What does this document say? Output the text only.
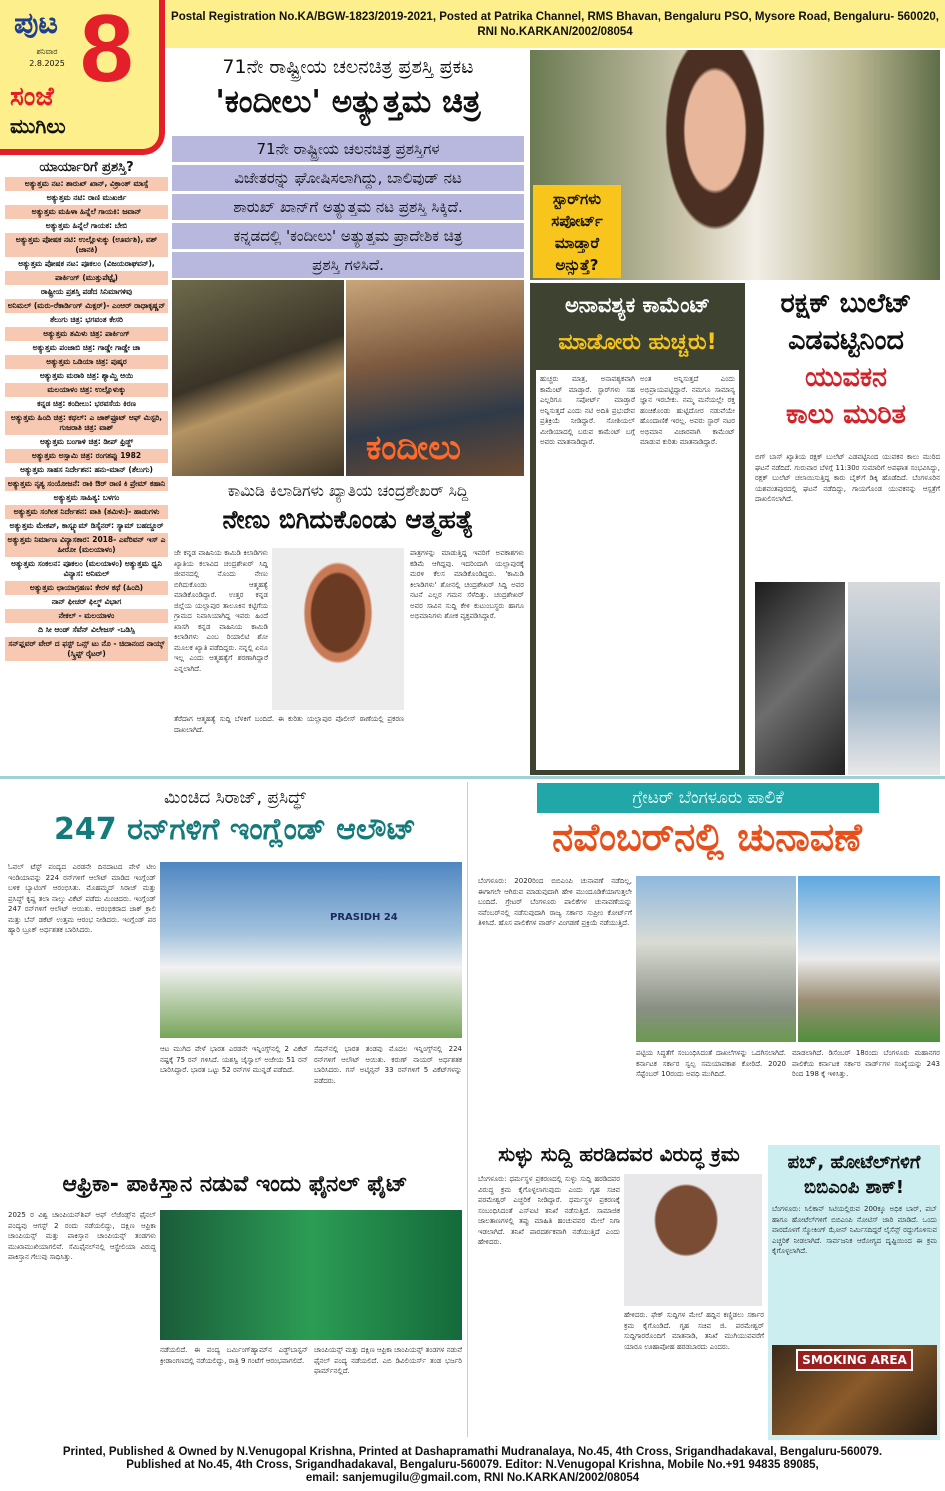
ಪುಟ 8
ಶನಿವಾರ
2.8.2025
ಸಂಜೆ
ಮುಗಿಲು
Postal Registration No.KA/BGW-1823/2019-2021, Posted at Patrika Channel, RMS Bhavan, Bengaluru PSO, Mysore Road, Bengaluru- 560020, RNI No.KARKAN/2002/08054
71ನೇ ರಾಷ್ಟ್ರೀಯ ಚಲನಚಿತ್ರ ಪ್ರಶಸ್ತಿ ಪ್ರಕಟ
'ಕಂದೀಲು' ಅತ್ಯುತ್ತಮ ಚಿತ್ರ
71ನೇ ರಾಷ್ಟ್ರೀಯ ಚಲನಚಿತ್ರ ಪ್ರಶಸ್ತಿಗಳ
ವಿಜೇತರನ್ನು ಘೋಷಿಸಲಾಗಿದ್ದು, ಬಾಲಿವುಡ್ ನಟ
ಶಾರುಖ್ ಖಾನ್‌ಗೆ ಅತ್ಯುತ್ತಮ ನಟ ಪ್ರಶಸ್ತಿ ಸಿಕ್ಕಿದೆ.
ಕನ್ನಡದಲ್ಲಿ 'ಕಂದೀಲು' ಅತ್ಯುತ್ತಮ ಪ್ರಾದೇಶಿಕ ಚಿತ್ರ
ಪ್ರಶಸ್ತಿ ಗಳಿಸಿದೆ.
ಸ್ಟಾರ್‌ಗಳು ಸಪೋರ್ಟ್ ಮಾಡ್ತಾರೆ ಅನ್ಸುತ್ತೆ?
ಯಾರ್ಯಾರಿಗೆ ಪ್ರಶಸ್ತಿ?
ಅತ್ಯುತ್ತಮ ನಟ: ಶಾರುಖ್ ಖಾನ್, ವಿಕ್ರಾಂತ್ ಮಾಸ್ಸೆ
ಅತ್ಯುತ್ತಮ ನಟಿ: ರಾಣಿ ಮುಖರ್ಜಿ
ಅತ್ಯುತ್ತಮ ಮಹಿಳಾ ಹಿನ್ನೆಲೆ ಗಾಯಕಿ: ಜವಾನ್
ಅತ್ಯುತ್ತಮ ಹಿನ್ನೆಲೆ ಗಾಯಕ: ಬೇಬಿ
ಅತ್ಯುತ್ತಮ ಪೋಷಕ ನಟಿ: ಉಲ್ಲೊಳುಕ್ಕು (ಊರ್ವಶಿ), ವಶ್ (ಜಾನಕಿ)
ಅತ್ಯುತ್ತಮ ಪೋಷಕ ನಟ: ಪೂಕಲಂ (ವಿಜಯರಾಘವನ್),
ಪಾರ್ಕಿಂಗ್ (ಮುತ್ತುಪೆಟ್ಟೈ)
ರಾಷ್ಟ್ರೀಯ ಪ್ರಶಸ್ತಿ ಪಡೆದ ಸಿನಿಮಾಗಳಿವು
ಅನಿಮಲ್ (ಮರು-ರೆಕಾರ್ಡಿಂಗ್ ಮಿಕ್ಸರ್)- ಎಂಆರ್ ರಾಧಾಕೃಷ್ಣನ್
ತೆಲುಗು ಚಿತ್ರ: ಭಗವಂತ ಕೇಸರಿ
ಅತ್ಯುತ್ತಮ ತಮಿಳು ಚಿತ್ರ: ಪಾರ್ಕಿಂಗ್
ಅತ್ಯುತ್ತಮ ಪಂಜಾಬಿ ಚಿತ್ರ: ಗಾಡ್ಡೇ ಗಾಡ್ಡೇ ಚಾ
ಅತ್ಯುತ್ತಮ ಒಡಿಯಾ ಚಿತ್ರ: ಪುಷ್ಕರ
ಅತ್ಯುತ್ತಮ ಮರಾಠಿ ಚಿತ್ರ: ಶ್ಯಾಮ್ಚಿ ಆಯಿ
ಮಲಯಾಳಂ ಚಿತ್ರ: ಉಲ್ಲೊಳುಕ್ಕು
ಕನ್ನಡ ಚಿತ್ರ: ಕಂದೀಲು: ಭರವಸೆಯ ಕಿರಣ
ಅತ್ಯುತ್ತಮ ಹಿಂದಿ ಚಿತ್ರ: ಕಥಲ್: ಎ ಜಾಕ್‌ಫ್ರೂಟ್ ಆಫ್ ಮಿಸ್ಟರಿ, ಗುಜರಾತಿ ಚಿತ್ರ: ವಾಶ್
ಅತ್ಯುತ್ತಮ ಬಂಗಾಳಿ ಚಿತ್ರ: ಡೀಪ್ ಫ್ರಿಡ್ಜ್
ಅತ್ಯುತ್ತಮ ಅಸ್ಸಾಮಿ ಚಿತ್ರ: ರಂಗತಪ್ಪು 1982
ಅತ್ಯುತ್ತಮ ಸಾಹಸ ನಿರ್ದೇಶನ: ಹನು-ಮಾನ್ (ತೆಲುಗು)
ಅತ್ಯುತ್ತಮ ನೃತ್ಯ ಸಂಯೋಜನೆ: ರಾಕಿ ಔರ್ ರಾಣಿ ಕಿ ಪ್ರೇಮ್ ಕಹಾನಿ
ಅತ್ಯುತ್ತಮ ಸಾಹಿತ್ಯ: ಬಳಗಂ
ಅತ್ಯುತ್ತಮ ಸಂಗೀತ ನಿರ್ದೇಶನ: ವಾತಿ (ತಮಿಳು)- ಹಾಡುಗಳು
ಅತ್ಯುತ್ತಮ ಮೇಕಪ್, ಕಾಸ್ಟ್ಯೂಮ್ ಡಿಸೈನರ್: ಸ್ಯಾಮ್ ಬಹದ್ದೂರ್
ಅತ್ಯುತ್ತಮ ನಿರ್ಮಾಣ ವಿನ್ಯಾಸಕಾರ: 2018- ಎವೆರಿವನ್ ಇಸ್ ಎ ಹೀರೋ (ಮಲಯಾಳಂ)
ಅತ್ಯುತ್ತಮ ಸಂಕಲನ: ಪೂಕಲಂ (ಮಲಯಾಳಂ) ಅತ್ಯುತ್ತಮ ಧ್ವನಿ ವಿನ್ಯಾಸ: ಅನಿಮಲ್
ಅತ್ಯುತ್ತಮ ಛಾಯಾಗ್ರಹಣ: ಕೇರಳ ಕಥೆ (ಹಿಂದಿ)
ನಾನ್ ಫೀಚರ್ ಫಿಲ್ಮ್ ವಿಭಾಗ
ನೇಕಲ್ - ಮಲಯಾಳಂ
ದಿ ಸೀ ಆಂಡ್ ಸೆವೆನ್ ವಿಲೇಜಸ್ -ಒಡಿಸ್ಸಿ
ಸನ್‌ಫ್ಲವರ್ ವೇರ್ ದ ಫಸ್ಟ್ ಒನ್ಸ್ ಟು ನೊ - ಚಿದಾನಂದ ನಾಯ್ಕ್ (ಸ್ಕ್ರಿಪ್ಟ್ ರೈಟರ್)
ಕಂದೀಲು
ಕಾಮಿಡಿ ಕಿಲಾಡಿಗಳು ಖ್ಯಾತಿಯ ಚಂದ್ರಶೇಖರ್ ಸಿದ್ದಿ
ನೇಣು ಬಿಗಿದುಕೊಂಡು ಆತ್ಮಹತ್ಯೆ
ಜೇ ಕನ್ನಡ ವಾಹಿನಿಯ ಕಾಮಿಡಿ ಕಿಲಾಡಿಗಳು ಖ್ಯಾತಿಯ ಕಲಾವಿದ ಚಂದ್ರಶೇಖರ್ ಸಿದ್ದಿ ಜೀವನದಲ್ಲಿ ನೊಂದು ನೇಣು ಬಿಗಿದುಕೊಂಡು ಆತ್ಮಹತ್ಯೆ ಮಾಡಿಕೊಂಡಿದ್ದಾರೆ. ಉತ್ತರ ಕನ್ನಡ ಜಿಲ್ಲೆಯ ಯಲ್ಲಾಪುರ ತಾಲೂಕಿನ ಕಟ್ಟಿಗೆಯ ಗ್ರಾಮದ ನಿವಾಸಿಯಾಗಿದ್ದ ಇವರು ಹಿಂದೆ ಖಾಸಗಿ ಕನ್ನಡ ವಾಹಿನಿಯ ಕಾಮಿಡಿ ಕಿಲಾಡಿಗಳು ಎಂಬ ರಿಯಾಲಿಟಿ ಶೋ ಮೂಲಕ ಖ್ಯಾತಿ ಪಡೆದಿದ್ದರು. ನನ್ನಲ್ಲಿ ಏನೂ ಇಲ್ಲ ಎಂದು ಆತ್ಮಹತ್ಯೆಗೆ ಶರಣಾಗಿದ್ದಾರೆ ಎನ್ನಲಾಗಿದೆ.
ಪಾತ್ರಗಳನ್ನು ಮಾಡುತ್ತಿದ್ದ ಇವರಿಗೆ ಅವಕಾಶಗಳು ಕಡಿಮೆ ಆಗಿದ್ದವು. ಇದರಿಂದಾಗಿ ಯಲ್ಲಾಪುರಕ್ಕೆ ಮರಳಿ ಕೆಲಸ ಮಾಡಿಕೊಂಡಿದ್ದರು. 'ಕಾಮಿಡಿ ಕಿಲಾಡಿಗಳು' ಶೋನಲ್ಲಿ ಚಂದ್ರಶೇಖರ್ ಸಿದ್ದಿ ಅವರ ನಟನೆ ಎಲ್ಲರ ಗಮನ ಸೆಳೆದಿತ್ತು. ಚಂದ್ರಶೇಖರ್ ಅವರ ಸಾವಿನ ಸುದ್ದಿ ಕೇಳಿ ಕುಟುಂಬಸ್ಥರು ಹಾಗೂ ಅಭಿಮಾನಿಗಳು ಶೋಕ ವ್ಯಕ್ತಪಡಿಸಿದ್ದಾರೆ.
ತೆರೆದಾಗ ಆತ್ಮಹತ್ಯೆ ಸುದ್ದಿ ಬೆಳಕಿಗೆ ಬಂದಿದೆ. ಈ ಕುರಿತು ಯಲ್ಲಾಪುರ ಪೊಲೀಸ್ ಠಾಣೆಯಲ್ಲಿ ಪ್ರಕರಣ ದಾಖಲಾಗಿದೆ.
ಅನಾವಶ್ಯಕ ಕಾಮೆಂಟ್
ಮಾಡೋರು ಹುಚ್ಚರು!
ಹುಚ್ಚರು ಮಾತ್ರ, ಅನಾವಶ್ಯಕವಾಗಿ ಕಾಮೆಂಟ್ ಮಾಡ್ತಾರೆ. ಸ್ಟಾರ್‌ಗಳು ಸಹ ಎಲ್ಲರಿಗೂ ಸಪೋರ್ಟ್ ಮಾಡ್ತಾರೆ ಅನ್ನಿಸುತ್ತದೆ ಎಂದು ನಟಿ ಅದಿತಿ ಪ್ರಭುದೇವ ಪ್ರತಿಕ್ರಿಯೆ ನೀಡಿದ್ದಾರೆ. ಸೋಶಿಯಲ್ ಮೀಡಿಯಾದಲ್ಲಿ ಬರುವ ಕಾಮೆಂಟ್ ಬಗ್ಗೆ ಅವರು ಮಾತನಾಡಿದ್ದಾರೆ.
ಅಂತ ಅನ್ನಿಸುತ್ತದೆ ಎಂದು ಅಭಿಪ್ರಾಯಪಟ್ಟಿದ್ದಾರೆ. ನಮಗೂ ಸಾಮಾನ್ಯ ಜ್ಞಾನ ಇರಬೇಕು. ನಮ್ಮ ಮನೆಯಲ್ಲೇ ರಕ್ತ ಹಂಚಿಕೊಂಡು ಹುಟ್ಟಿದೋರ ನಡುವೆಯೇ ಹೊಂದಾಣಿಕೆ ಇರಲ್ಲ. ಅವರು ಸ್ಟಾರ್ ನಟರ ಅಭಿಮಾನ ವಿಚಾರವಾಗಿ ಕಾಮೆಂಟ್ ಮಾಡುವ ಕುರಿತು ಮಾತನಾಡಿದ್ದಾರೆ.
ರಕ್ಷಕ್ ಬುಲೆಟ್
ಎಡವಟ್ಟಿನಿಂದ
ಯುವಕನ
ಕಾಲು ಮುರಿತ
ಬಿಗ್ ಬಾಸ್ ಖ್ಯಾತಿಯ ರಕ್ಷಕ್ ಬುಲೆಟ್ ಎಡವಟ್ಟಿನಿಂದ ಯುವಕನ ಕಾಲು ಮುರಿದ ಘಟನೆ ನಡೆದಿದೆ. ಗುರುವಾರ ಬೆಳಗ್ಗೆ 11:30ರ ಸುಮಾರಿಗೆ ಅಪಘಾತ ಸಂಭವಿಸಿದ್ದು, ರಕ್ಷಕ್ ಬುಲೆಟ್ ಚಲಾಯಿಸುತ್ತಿದ್ದ ಕಾರು ಬೈಕ್‌ಗೆ ಡಿಕ್ಕಿ ಹೊಡೆದಿದೆ. ಬೆಂಗಳೂರಿನ ಯಶವಂತಪುರದಲ್ಲಿ ಘಟನೆ ನಡೆದಿದ್ದು, ಗಾಯಗೊಂಡ ಯುವಕನನ್ನು ಆಸ್ಪತ್ರೆಗೆ ದಾಖಲಿಸಲಾಗಿದೆ.
ಮಿಂಚಿದ ಸಿರಾಜ್, ಪ್ರಸಿದ್ಧ್
247 ರನ್‌ಗಳಿಗೆ ಇಂಗ್ಲೆಂಡ್ ಆಲೌಟ್
ಓವಲ್ ಟೆಸ್ಟ್ ಪಂದ್ಯದ ಎರಡನೇ ದಿನದಾಟದ ವೇಳೆ ಟೀಂ ಇಂಡಿಯಾವನ್ನು 224 ರನ್‌ಗಳಿಗೆ ಆಲೌಟ್ ಮಾಡಿದ ಇಂಗ್ಲೆಂಡ್ ಬಳಿಕ ಬ್ಯಾಟಿಂಗ್ ಆರಂಭಿಸಿತು. ಮೊಹಮ್ಮದ್ ಸಿರಾಜ್ ಮತ್ತು ಪ್ರಸಿದ್ಧ್ ಕೃಷ್ಣ ತಲಾ ನಾಲ್ಕು ವಿಕೆಟ್ ಪಡೆದು ಮಿಂಚಿದರು. ಇಂಗ್ಲೆಂಡ್ 247 ರನ್‌ಗಳಿಗೆ ಆಲೌಟ್ ಆಯಿತು. ಆರಂಭಿಕರಾದ ಜಾಕ್ ಕ್ರಾಲಿ ಮತ್ತು ಬೆನ್ ಡಕೆಟ್ ಉತ್ತಮ ಆರಂಭ ನೀಡಿದರು. ಇಂಗ್ಲೆಂಡ್ ಪರ ಹ್ಯಾರಿ ಬ್ರೂಕ್ ಅರ್ಧಶತಕ ಬಾರಿಸಿದರು.
PRASIDH 24
ಆಟ ಮುಗಿದ ವೇಳೆ ಭಾರತ ಎರಡನೇ ಇನ್ನಿಂಗ್ಸ್‌ನಲ್ಲಿ 2 ವಿಕೆಟ್ ನಷ್ಟಕ್ಕೆ 75 ರನ್ ಗಳಿಸಿದೆ. ಯಶಸ್ವಿ ಜೈಸ್ವಾಲ್ ಅಜೇಯ 51 ರನ್ ಬಾರಿಸಿದ್ದಾರೆ. ಭಾರತ ಒಟ್ಟು 52 ರನ್‌ಗಳ ಮುನ್ನಡೆ ಪಡೆದಿದೆ.
ಸೆಷನ್‌ನಲ್ಲಿ ಭಾರತ ತಂಡವು ಮೊದಲ ಇನ್ನಿಂಗ್ಸ್‌ನಲ್ಲಿ 224 ರನ್‌ಗಳಿಗೆ ಆಲೌಟ್ ಆಯಿತು. ಕರುಣ್ ನಾಯರ್ ಅರ್ಧಶತಕ ಬಾರಿಸಿದರು. ಗಸ್ ಅಟ್ಕಿನ್ಸನ್ 33 ರನ್‌ಗಳಿಗೆ 5 ವಿಕೆಟ್‌ಗಳನ್ನು ಪಡೆದರು.
ಆಫ್ರಿಕಾ- ಪಾಕಿಸ್ತಾನ ನಡುವೆ ಇಂದು ಫೈನಲ್ ಫೈಟ್
2025 ರ ವಿಶ್ವ ಚಾಂಪಿಯನ್‌ಶಿಪ್ ಆಫ್ ಲೆಜೆಂಡ್ಸ್‌ನ ಫೈನಲ್ ಪಂದ್ಯವು ಆಗಸ್ಟ್ 2 ರಂದು ನಡೆಯಲಿದ್ದು, ದಕ್ಷಿಣ ಆಫ್ರಿಕಾ ಚಾಂಪಿಯನ್ಸ್ ಮತ್ತು ಪಾಕಿಸ್ತಾನ ಚಾಂಪಿಯನ್ಸ್ ತಂಡಗಳು ಮುಖಾಮುಖಿಯಾಗಲಿವೆ. ಸೆಮಿಫೈನಲ್‌ನಲ್ಲಿ ಆಸ್ಟ್ರೇಲಿಯಾ ವಿರುದ್ಧ ಪಾಕಿಸ್ತಾನ ಗೆಲುವು ಸಾಧಿಸಿತ್ತು.
ನಡೆಯಲಿದೆ. ಈ ಪಂದ್ಯ ಬರ್ಮಿಂಗ್‌ಹ್ಯಾಮ್‌ನ ಎಡ್ಜ್‌ಬಾಸ್ಟನ್ ಕ್ರೀಡಾಂಗಣದಲ್ಲಿ ನಡೆಯಲಿದ್ದು, ರಾತ್ರಿ 9 ಗಂಟೆಗೆ ಆರಂಭವಾಗಲಿದೆ.
ಚಾಂಪಿಯನ್ಸ್ ಮತ್ತು ದಕ್ಷಿಣ ಆಫ್ರಿಕಾ ಚಾಂಪಿಯನ್ಸ್ ತಂಡಗಳ ನಡುವೆ ಫೈನಲ್ ಪಂದ್ಯ ನಡೆಯಲಿದೆ. ಎಬಿ ಡಿವಿಲಿಯರ್ಸ್ ತಂಡ ಭರ್ಜರಿ ಫಾರ್ಮ್‌ನಲ್ಲಿದೆ.
ಗ್ರೇಟರ್ ಬೆಂಗಳೂರು ಪಾಲಿಕೆ
ನವೆಂಬರ್‌ನಲ್ಲಿ ಚುನಾವಣೆ
ಬೆಂಗಳೂರು: 2020ರಿಂದ ಬಿಬಿಎಂಪಿ ಚುನಾವಣೆ ನಡೆದಿಲ್ಲ, ಈಗಾಗಲೇ ಆಗಿರುವ ಮಾಡುವುದಾಗಿ ಹೇಳಿ ಮುಂದೂಡಿಕೆಯಾಗುತ್ತಲೇ ಬಂದಿದೆ. ಗ್ರೇಟರ್ ಬೆಂಗಳೂರು ಪಾಲಿಕೆಗಳ ಚುನಾವಣೆಯನ್ನು ನವೆಂಬರ್‌ನಲ್ಲಿ ನಡೆಸುವುದಾಗಿ ರಾಜ್ಯ ಸರ್ಕಾರ ಸುಪ್ರೀಂ ಕೋರ್ಟ್‌ಗೆ ತಿಳಿಸಿದೆ. ಹೊಸ ಪಾಲಿಕೆಗಳ ವಾರ್ಡ್ ವಿಂಗಡಣೆ ಪ್ರಕ್ರಿಯೆ ನಡೆಯುತ್ತಿದೆ.
ಪಟ್ಟಿಯ ಸಿದ್ಧತೆಗೆ ಸಂಬಂಧಿಸಿದಂತೆ ದಾಖಲೆಗಳನ್ನು ಒದಗಿಸಲಾಗಿದೆ. ಕರ್ನಾಟಕ ಸರ್ಕಾರ ಸ್ವಲ್ಪ ಸಮಯಾವಕಾಶ ಕೋರಿದೆ. 2020 ಸೆಪ್ಟೆಂಬರ್ 10ರಂದು ಅವಧಿ ಮುಗಿದಿದೆ.
ಮಾಡಲಾಗಿದೆ. ಡಿಸೆಂಬರ್ 18ರಂದು ಬೆಂಗಳೂರು ಮಹಾನಗರ ಪಾಲಿಕೆಯ ಕರ್ನಾಟಕ ಸರ್ಕಾರ ವಾರ್ಡ್‌ಗಳ ಸಂಖ್ಯೆಯನ್ನು 243 ರಿಂದ 198 ಕ್ಕೆ ಇಳಿಸಿತ್ತು.
ಸುಳ್ಳು ಸುದ್ದಿ ಹರಡಿದವರ ವಿರುದ್ಧ ಕ್ರಮ
ಬೆಂಗಳೂರು: ಧರ್ಮಸ್ಥಳ ಪ್ರಕರಣದಲ್ಲಿ ಸುಳ್ಳು ಸುದ್ದಿ ಹರಡಿದವರ ವಿರುದ್ಧ ಕ್ರಮ ಕೈಗೊಳ್ಳಲಾಗುವುದು ಎಂದು ಗೃಹ ಸಚಿವ ಪರಮೇಶ್ವರ್ ಎಚ್ಚರಿಕೆ ನೀಡಿದ್ದಾರೆ. ಧರ್ಮಸ್ಥಳ ಪ್ರಕರಣಕ್ಕೆ ಸಂಬಂಧಿಸಿದಂತೆ ಎಸ್‌ಐಟಿ ತನಿಖೆ ನಡೆಸುತ್ತಿದೆ. ಸಾಮಾಜಿಕ ಜಾಲತಾಣಗಳಲ್ಲಿ ತಪ್ಪು ಮಾಹಿತಿ ಹಂಚುವವರ ಮೇಲೆ ನಿಗಾ ಇಡಲಾಗಿದೆ. ತನಿಖೆ ಪಾರದರ್ಶಕವಾಗಿ ನಡೆಯುತ್ತಿದೆ ಎಂದು ಹೇಳಿದರು.
ಹೇಳಿದರು. ಫೇಕ್ ಸುದ್ದಿಗಳ ಮೇಲೆ ಹದ್ದಿನ ಕಣ್ಣಿಡಲು ಸರ್ಕಾರ ಕ್ರಮ ಕೈಗೊಂಡಿದೆ. ಗೃಹ ಸಚಿವ ಜಿ. ಪರಮೇಶ್ವರ್ ಸುದ್ದಿಗಾರರೊಂದಿಗೆ ಮಾತನಾಡಿ, ತನಿಖೆ ಮುಗಿಯುವವರೆಗೆ ಯಾರೂ ಊಹಾಪೋಹ ಹರಡಬಾರದು ಎಂದರು.
ಪಬ್, ಹೋಟೆಲ್‌ಗಳಿಗೆ ಬಿಬಿಎಂಪಿ ಶಾಕ್!
ಬೆಂಗಳೂರು: ಸಿಲಿಕಾನ್ ಸಿಟಿಯಲ್ಲಿರುವ 200ಕ್ಕೂ ಅಧಿಕ ಬಾರ್, ಪಬ್ ಹಾಗೂ ಹೋಟೆಲ್‌ಗಳಿಗೆ ಬಿಬಿಎಂಪಿ ನೋಟಿಸ್ ಜಾರಿ ಮಾಡಿದೆ. ಒಂದು ವಾರದೊಳಗೆ ಸ್ಮೋಕಿಂಗ್ ಝೋನ್ ನಿರ್ಮಿಸದಿದ್ದರೆ ಲೈಸೆನ್ಸ್ ರದ್ದುಗೊಳಿಸುವ ಎಚ್ಚರಿಕೆ ನೀಡಲಾಗಿದೆ. ಸಾರ್ವಜನಿಕ ಆರೋಗ್ಯದ ದೃಷ್ಟಿಯಿಂದ ಈ ಕ್ರಮ ಕೈಗೊಳ್ಳಲಾಗಿದೆ.
SMOKING AREA
Printed, Published & Owned by N.Venugopal Krishna, Printed at Dashapramathi Mudranalaya, No.45, 4th Cross, Srigandhadakaval, Bengaluru-560079.
Published at No.45, 4th Cross, Srigandhadakaval, Bengaluru-560079. Editor: N.Venugopal Krishna, Mobile No.+91 94835 89085,
email: sanjemugilu@gmail.com, RNI No.KARKAN/2002/08054
